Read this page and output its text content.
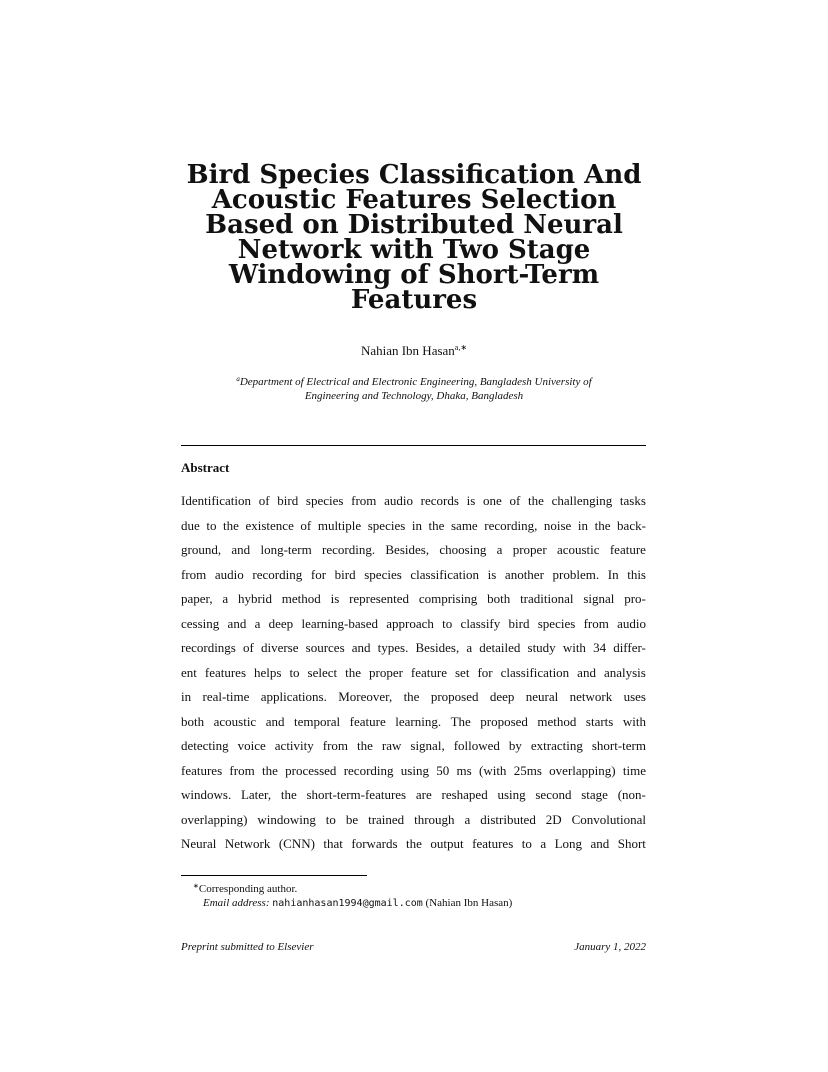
Bird Species Classification And
Acoustic Features Selection
Based on Distributed Neural
Network with Two Stage
Windowing of Short-Term
Features
Nahian Ibn Hasan$^{a,∗}$
$^a$Department of Electrical and Electronic Engineering, Bangladesh University of
Engineering and Technology, Dhaka, Bangladesh
Abstract
Identification of bird species from audio records is one of the challenging tasks
due to the existence of multiple species in the same recording, noise in the back-
ground, and long-term recording. Besides, choosing a proper acoustic feature
from audio recording for bird species classification is another problem. In this
paper, a hybrid method is represented comprising both traditional signal pro-
cessing and a deep learning-based approach to classify bird species from audio
recordings of diverse sources and types. Besides, a detailed study with 34 differ-
ent features helps to select the proper feature set for classification and analysis
in real-time applications. Moreover, the proposed deep neural network uses
both acoustic and temporal feature learning. The proposed method starts with
detecting voice activity from the raw signal, followed by extracting short-term
features from the processed recording using 50 ms (with 25ms overlapping) time
windows. Later, the short-term-features are reshaped using second stage (non-
overlapping) windowing to be trained through a distributed 2D Convolutional
Neural Network (CNN) that forwards the output features to a Long and Short
∗Corresponding author.
Email address: nahianhasan1994@gmail.com (Nahian Ibn Hasan)
Preprint submitted to Elsevier	January 1, 2022
